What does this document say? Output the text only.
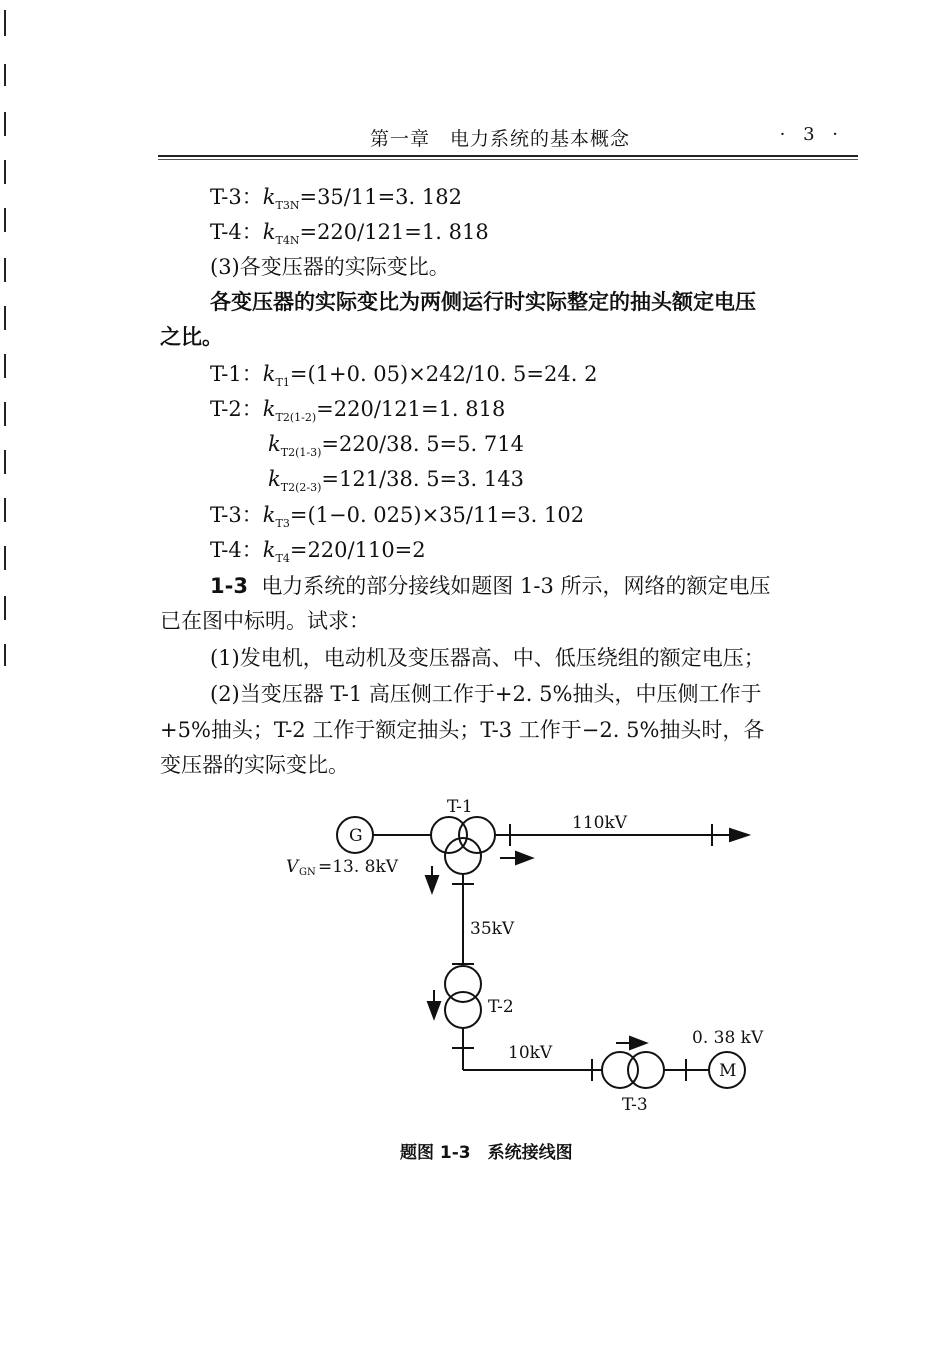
第一章　电力系统的基本概念	· 3 ·
T-3：$k_{T3N}=35/11=3$. 182
T-4：$k_{T4N}=220/121=1$. 818
(3)各变压器的实际变比。
各变压器的实际变比为两侧运行时实际整定的抽头额定电压
之比。
T-1：$k_{T1}=(1+0$. 05)×242/10. 5=24. 2
T-2：$k_{T2(1-2)}=220/121=1$. 818
$k_{T2(1-3)}=220/38$. 5=5. 714
$k_{T2(2-3)}=121/38$. 5=3. 143
T-3：$k_{T3}=(1-0$. 025)×35/11=3. 102
T-4：$k_{T4}=220/110=2$
1-3 电力系统的部分接线如题图 1-3 所示，网络的额定电压
已在图中标明。试求：
(1)发电机，电动机及变压器高、中、低压绕组的额定电压；
(2)当变压器 T-1 高压侧工作于+2. 5%抽头，中压侧工作于
+5%抽头；T-2 工作于额定抽头；T-3 工作于−2. 5%抽头时，各
变压器的实际变比。
G
M
T-1
T-2
T-3
110kV
35kV
10kV
0. 38 kV
V GN =13. 8kV
题图 1-3　系统接线图
